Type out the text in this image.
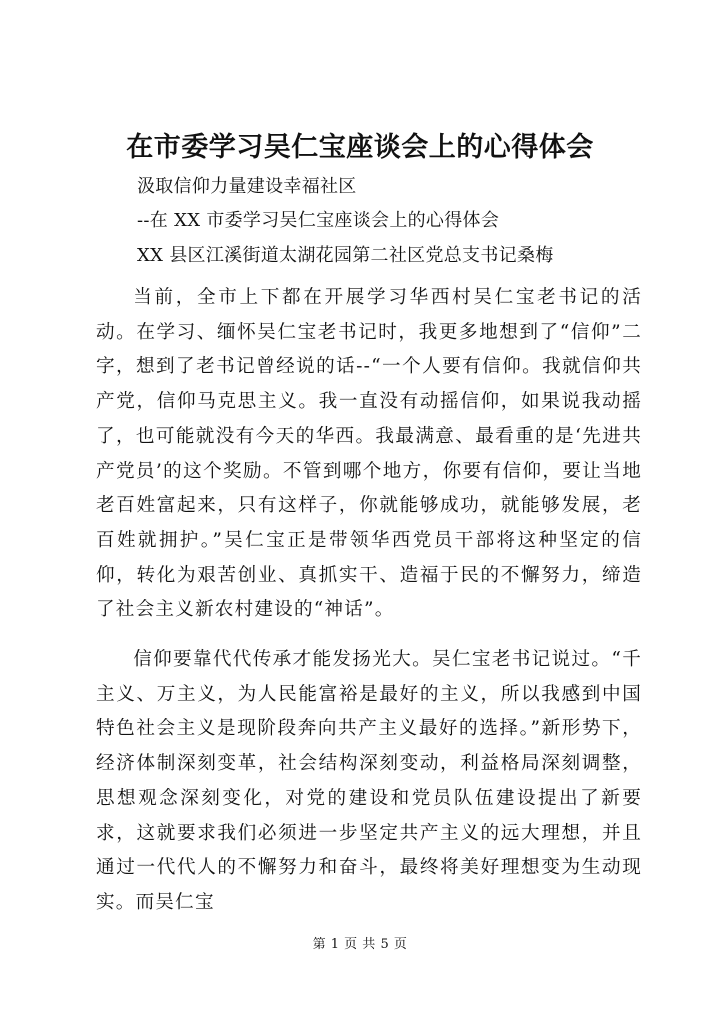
在市委学习吴仁宝座谈会上的心得体会
汲取信仰力量建设幸福社区
--在 XX 市委学习吴仁宝座谈会上的心得体会
XX 县区江溪街道太湖花园第二社区党总支书记桑梅

当前，全市上下都在开展学习华西村吴仁宝老书记的活动。在学习、缅怀吴仁宝老书记时，我更多地想到了“信仰”二字，想到了老书记曾经说的话--“一个人要有信仰。我就信仰共产党，信仰马克思主义。我一直没有动摇信仰，如果说我动摇了，也可能就没有今天的华西。我最满意、最看重的是‘先进共产党员’的这个奖励。不管到哪个地方，你要有信仰，要让当地老百姓富起来，只有这样子，你就能够成功，就能够发展，老百姓就拥护。”吴仁宝正是带领华西党员干部将这种坚定的信仰，转化为艰苦创业、真抓实干、造福于民的不懈努力，缔造了社会主义新农村建设的“神话”。

信仰要靠代代传承才能发扬光大。吴仁宝老书记说过。“千主义、万主义，为人民能富裕是最好的主义，所以我感到中国特色社会主义是现阶段奔向共产主义最好的选择。”新形势下，经济体制深刻变革，社会结构深刻变动，利益格局深刻调整，思想观念深刻变化，对党的建设和党员队伍建设提出了新要求，这就要求我们必须进一步坚定共产主义的远大理想，并且通过一代代人的不懈努力和奋斗，最终将美好理想变为生动现实。而吴仁宝

第 1 页 共 5 页
